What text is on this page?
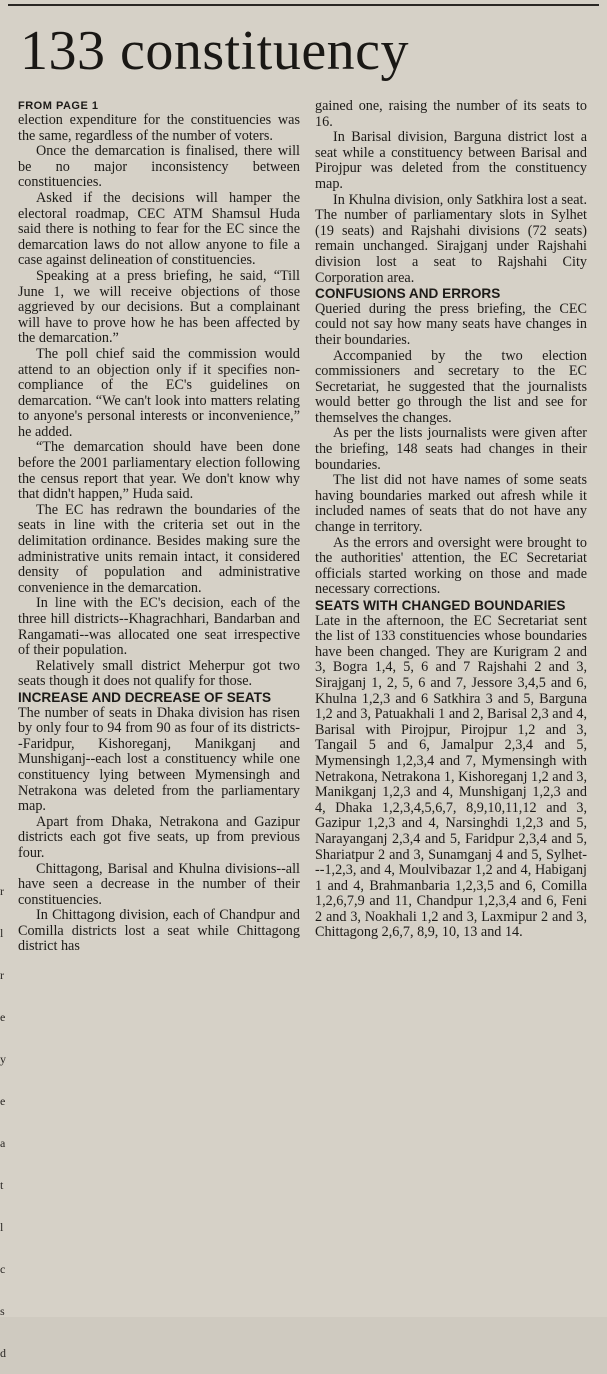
133 constituency
FROM PAGE 1

election expenditure for the constituencies was the same, regardless of the number of voters.

Once the demarcation is finalised, there will be no major inconsistency between constituencies.

Asked if the decisions will hamper the electoral roadmap, CEC ATM Shamsul Huda said there is nothing to fear for the EC since the demarcation laws do not allow anyone to file a case against delineation of constituencies.

Speaking at a press briefing, he said, “Till June 1, we will receive objections of those aggrieved by our decisions. But a complainant will have to prove how he has been affected by the demarcation.”

The poll chief said the commission would attend to an objection only if it specifies non-compliance of the EC's guidelines on demarcation. “We can't look into matters relating to anyone's personal interests or inconvenience,” he added.

“The demarcation should have been done before the 2001 parliamentary election following the census report that year. We don't know why that didn't happen,” Huda said.

The EC has redrawn the boundaries of the seats in line with the criteria set out in the delimitation ordinance. Besides making sure the administrative units remain intact, it considered density of population and administrative convenience in the demarcation.

In line with the EC's decision, each of the three hill districts--Khagrachhari, Bandarban and Rangamati--was allocated one seat irrespective of their population.

Relatively small district Meherpur got two seats though it does not qualify for those.

INCREASE AND DECREASE OF SEATS

The number of seats in Dhaka division has risen by only four to 94 from 90 as four of its districts--Faridpur, Kishoreganj, Manikganj and Munshiganj--each lost a constituency while one constituency lying between Mymensingh and Netrakona was deleted from the parliamentary map.

Apart from Dhaka, Netrakona and Gazipur districts each got five seats, up from previous four.

Chittagong, Barisal and Khulna divisions--all have seen a decrease in the number of their constituencies.

In Chittagong division, each of Chandpur and Comilla districts lost a seat while Chittagong district has

gained one, raising the number of its seats to 16.

In Barisal division, Barguna district lost a seat while a constituency between Barisal and Pirojpur was deleted from the constituency map.

In Khulna division, only Satkhira lost a seat. The number of parliamentary slots in Sylhet (19 seats) and Rajshahi divisions (72 seats) remain unchanged. Sirajganj under Rajshahi division lost a seat to Rajshahi City Corporation area.

CONFUSIONS AND ERRORS

Queried during the press briefing, the CEC could not say how many seats have changes in their boundaries.

Accompanied by the two election commissioners and secretary to the EC Secretariat, he suggested that the journalists would better go through the list and see for themselves the changes.

As per the lists journalists were given after the briefing, 148 seats had changes in their boundaries.

The list did not have names of some seats having boundaries marked out afresh while it included names of seats that do not have any change in territory.

As the errors and oversight were brought to the authorities' attention, the EC Secretariat officials started working on those and made necessary corrections.

SEATS WITH CHANGED BOUNDARIES

Late in the afternoon, the EC Secretariat sent the list of 133 constituencies whose boundaries have been changed. They are Kurigram 2 and 3, Bogra 1,4, 5, 6 and 7 Rajshahi 2 and 3, Sirajganj 1, 2, 5, 6 and 7, Jessore 3,4,5 and 6, Khulna 1,2,3 and 6 Satkhira 3 and 5, Barguna 1,2 and 3, Patuakhali 1 and 2, Barisal 2,3 and 4, Barisal with Pirojpur, Pirojpur 1,2 and 3, Tangail 5 and 6, Jamalpur 2,3,4 and 5, Mymensingh 1,2,3,4 and 7, Mymensingh with Netrakona, Netrakona 1, Kishoreganj 1,2 and 3, Manikganj 1,2,3 and 4, Munshiganj 1,2,3 and 4, Dhaka 1,2,3,4,5,6,7, 8,9,10,11,12 and 3, Gazipur 1,2,3 and 4, Narsinghdi 1,2,3 and 5, Narayanganj 2,3,4 and 5, Faridpur 2,3,4 and 5, Shariatpur 2 and 3, Sunamganj 4 and 5, Sylhet---1,2,3, and 4, Moulvibazar 1,2 and 4, Habiganj 1 and 4, Brahmanbaria 1,2,3,5 and 6, Comilla 1,2,6,7,9 and 11, Chandpur 1,2,3,4 and 6, Feni 2 and 3, Noakhali 1,2 and 3, Laxmipur 2 and 3, Chittagong 2,6,7, 8,9, 10, 13 and 14.

r
l
r
e
y
e
a
t
l
c
s
d
